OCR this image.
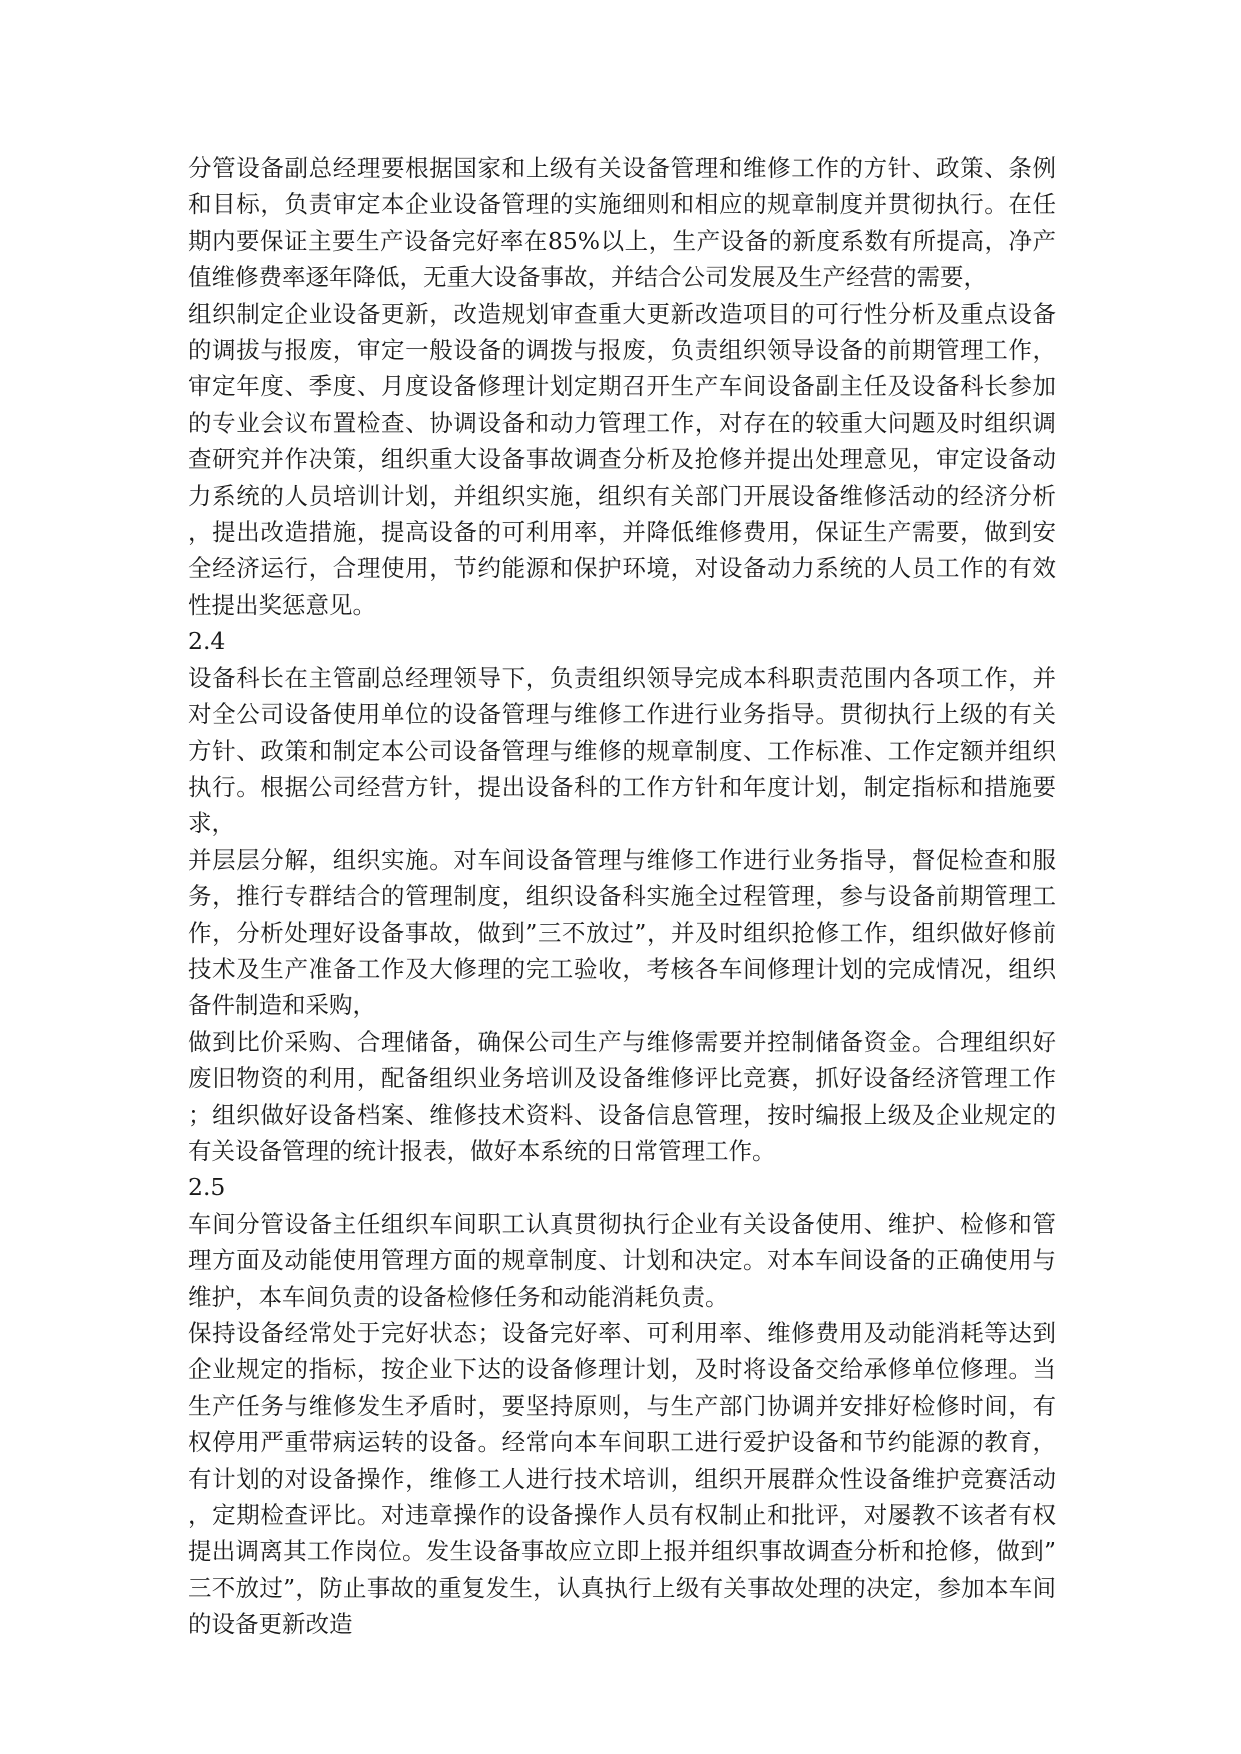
分管设备副总经理要根据国家和上级有关设备管理和维修工作的方针、政策、条例和目标，负责审定本企业设备管理的实施细则和相应的规章制度并贯彻执行。在任期内要保证主要生产设备完好率在85%以上，生产设备的新度系数有所提高，净产值维修费率逐年降低，无重大设备事故，并结合公司发展及生产经营的需要，

组织制定企业设备更新，改造规划审查重大更新改造项目的可行性分析及重点设备的调拔与报废，审定一般设备的调拨与报废，负责组织领导设备的前期管理工作，审定年度、季度、月度设备修理计划定期召开生产车间设备副主任及设备科长参加的专业会议布置检查、协调设备和动力管理工作，对存在的较重大问题及时组织调查研究并作决策，组织重大设备事故调查分析及抢修并提出处理意见，审定设备动力系统的人员培训计划，并组织实施，组织有关部门开展设备维修活动的经济分析，提出改造措施，提高设备的可利用率，并降低维修费用，保证生产需要，做到安全经济运行，合理使用，节约能源和保护环境，对设备动力系统的人员工作的有效性提出奖惩意见。

2.4

设备科长在主管副总经理领导下，负责组织领导完成本科职责范围内各项工作，并对全公司设备使用单位的设备管理与维修工作进行业务指导。贯彻执行上级的有关方针、政策和制定本公司设备管理与维修的规章制度、工作标准、工作定额并组织执行。根据公司经营方针，提出设备科的工作方针和年度计划，制定指标和措施要求，

并层层分解，组织实施。对车间设备管理与维修工作进行业务指导，督促检查和服务，推行专群结合的管理制度，组织设备科实施全过程管理，参与设备前期管理工作，分析处理好设备事故，做到”三不放过”，并及时组织抢修工作，组织做好修前技术及生产准备工作及大修理的完工验收，考核各车间修理计划的完成情况，组织备件制造和采购，

做到比价采购、合理储备，确保公司生产与维修需要并控制储备资金。合理组织好废旧物资的利用，配备组织业务培训及设备维修评比竞赛，抓好设备经济管理工作；组织做好设备档案、维修技术资料、设备信息管理，按时编报上级及企业规定的有关设备管理的统计报表，做好本系统的日常管理工作。

2.5

车间分管设备主任组织车间职工认真贯彻执行企业有关设备使用、维护、检修和管理方面及动能使用管理方面的规章制度、计划和决定。对本车间设备的正确使用与维护，本车间负责的设备检修任务和动能消耗负责。

保持设备经常处于完好状态；设备完好率、可利用率、维修费用及动能消耗等达到企业规定的指标，按企业下达的设备修理计划，及时将设备交给承修单位修理。当生产任务与维修发生矛盾时，要坚持原则，与生产部门协调并安排好检修时间，有权停用严重带病运转的设备。经常向本车间职工进行爱护设备和节约能源的教育，有计划的对设备操作，维修工人进行技术培训，组织开展群众性设备维护竞赛活动，定期检查评比。对违章操作的设备操作人员有权制止和批评，对屡教不该者有权提出调离其工作岗位。发生设备事故应立即上报并组织事故调查分析和抢修，做到”三不放过”，防止事故的重复发生，认真执行上级有关事故处理的决定，参加本车间的设备更新改造
